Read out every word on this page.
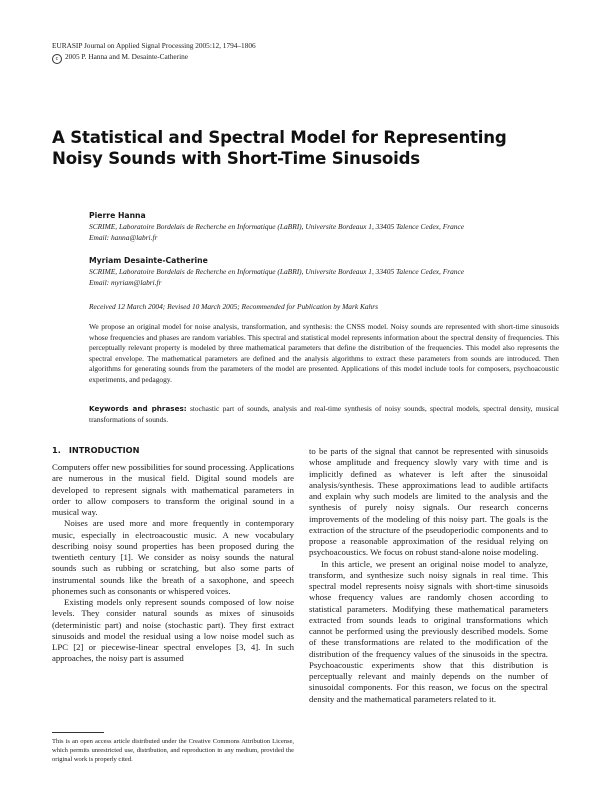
EURASIP Journal on Applied Signal Processing 2005:12, 1794–1806
c 2005 P. Hanna and M. Desainte-Catherine
A Statistical and Spectral Model for Representing
Noisy Sounds with Short-Time Sinusoids
Pierre Hanna
SCRIME, Laboratoire Bordelais de Recherche en Informatique (LaBRI), Universite Bordeaux 1, 33405 Talence Cedex, France
Email: hanna@labri.fr
Myriam Desainte-Catherine
SCRIME, Laboratoire Bordelais de Recherche en Informatique (LaBRI), Universite Bordeaux 1, 33405 Talence Cedex, France
Email: myriam@labri.fr
Received 12 March 2004; Revised 10 March 2005; Recommended for Publication by Mark Kahrs
We propose an original model for noise analysis, transformation, and synthesis: the CNSS model. Noisy sounds are represented with short-time sinusoids whose frequencies and phases are random variables. This spectral and statistical model represents information about the spectral density of frequencies. This perceptually relevant property is modeled by three mathematical parameters that define the distribution of the frequencies. This model also represents the spectral envelope. The mathematical parameters are defined and the analysis algorithms to extract these parameters from sounds are introduced. Then algorithms for generating sounds from the parameters of the model are presented. Applications of this model include tools for composers, psychoacoustic experiments, and pedagogy.
Keywords and phrases: stochastic part of sounds, analysis and real-time synthesis of noisy sounds, spectral models, spectral density, musical transformations of sounds.
1. INTRODUCTION

Computers offer new possibilities for sound processing. Applications are numerous in the musical field. Digital sound models are developed to represent signals with mathematical parameters in order to allow composers to transform the original sound in a musical way.

Noises are used more and more frequently in contemporary music, especially in electroacoustic music. A new vocabulary describing noisy sound properties has been proposed during the twentieth century [1]. We consider as noisy sounds the natural sounds such as rubbing or scratching, but also some parts of instrumental sounds like the breath of a saxophone, and speech phonemes such as consonants or whispered voices.

Existing models only represent sounds composed of low noise levels. They consider natural sounds as mixes of sinusoids (deterministic part) and noise (stochastic part). They first extract sinusoids and model the residual using a low noise model such as LPC [2] or piecewise-linear spectral envelopes [3, 4]. In such approaches, the noisy part is assumed

to be parts of the signal that cannot be represented with sinusoids whose amplitude and frequency slowly vary with time and is implicitly defined as whatever is left after the sinusoidal analysis/synthesis. These approximations lead to audible artifacts and explain why such models are limited to the analysis and the synthesis of purely noisy signals. Our research concerns improvements of the modeling of this noisy part. The goals is the extraction of the structure of the pseudoperiodic components and to propose a reasonable approximation of the residual relying on psychoacoustics. We focus on robust stand-alone noise modeling.

In this article, we present an original noise model to analyze, transform, and synthesize such noisy signals in real time. This spectral model represents noisy signals with short-time sinusoids whose frequency values are randomly chosen according to statistical parameters. Modifying these mathematical parameters extracted from sounds leads to original transformations which cannot be performed using the previously described models. Some of these transformations are related to the modification of the distribution of the frequency values of the sinusoids in the spectra. Psychoacoustic experiments show that this distribution is perceptually relevant and mainly depends on the number of sinusoidal components. For this reason, we focus on the spectral density and the mathematical parameters related to it.

This is an open access article distributed under the Creative Commons Attribution License, which permits unrestricted use, distribution, and reproduction in any medium, provided the original work is properly cited.
